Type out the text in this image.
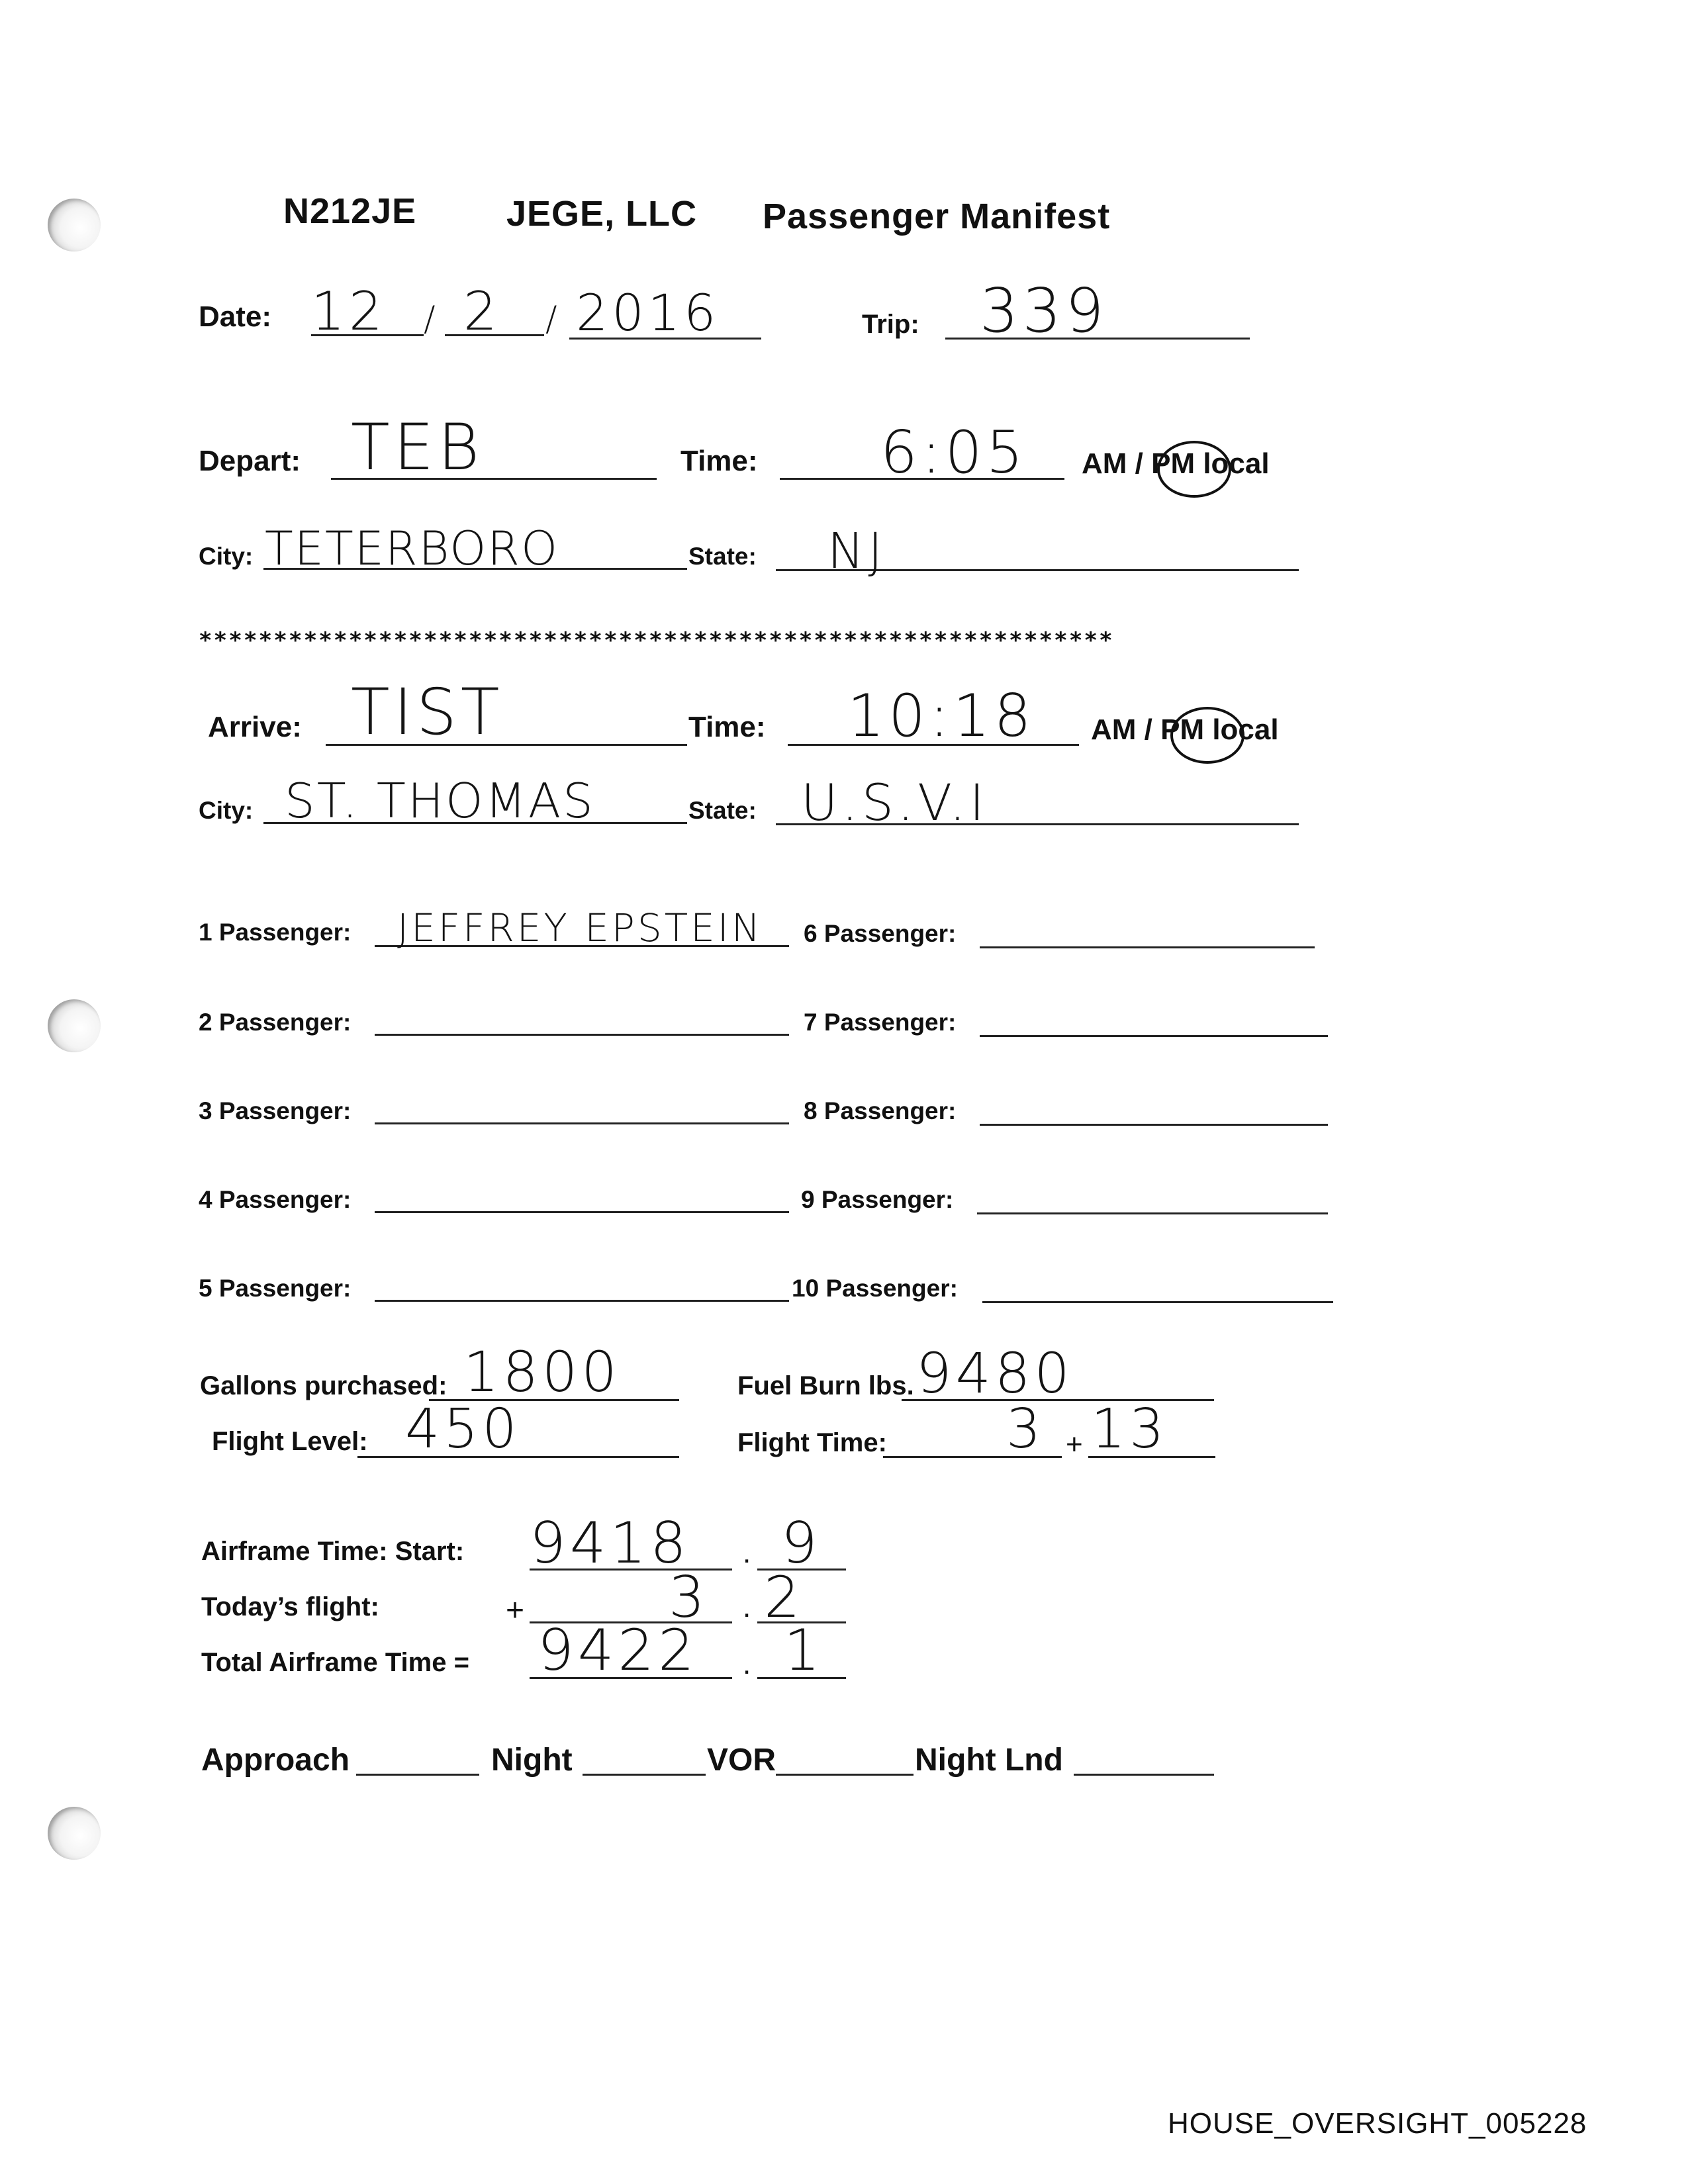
N212JE	JEGE, LLC Passenger Manifest
Date: 12 / 2 / 2016	Trip: 339
Depart: TEB	Time: 6:05 AM / PM local
City: TETERBORO	State: NJ
*************************************************************
Arrive: TIST	Time: 10:18 AM / PM local
City: ST. THOMAS	State: U.S.V.I
1 Passenger: JEFFREY EPSTEIN
2 Passenger:
3 Passenger:
4 Passenger:
5 Passenger:
6 Passenger:
7 Passenger:
8 Passenger:
9 Passenger:
10 Passenger:
Gallons purchased: 1800	Fuel Burn lbs. 9480
Flight Level: 450	Flight Time: 3 + 13
Airframe Time: Start: 9418 . 9
Today’s flight:	+	3 . 2
Total Airframe Time = 9422 . 1
Approach	Night	VOR	Night Lnd
HOUSE_OVERSIGHT_005228
